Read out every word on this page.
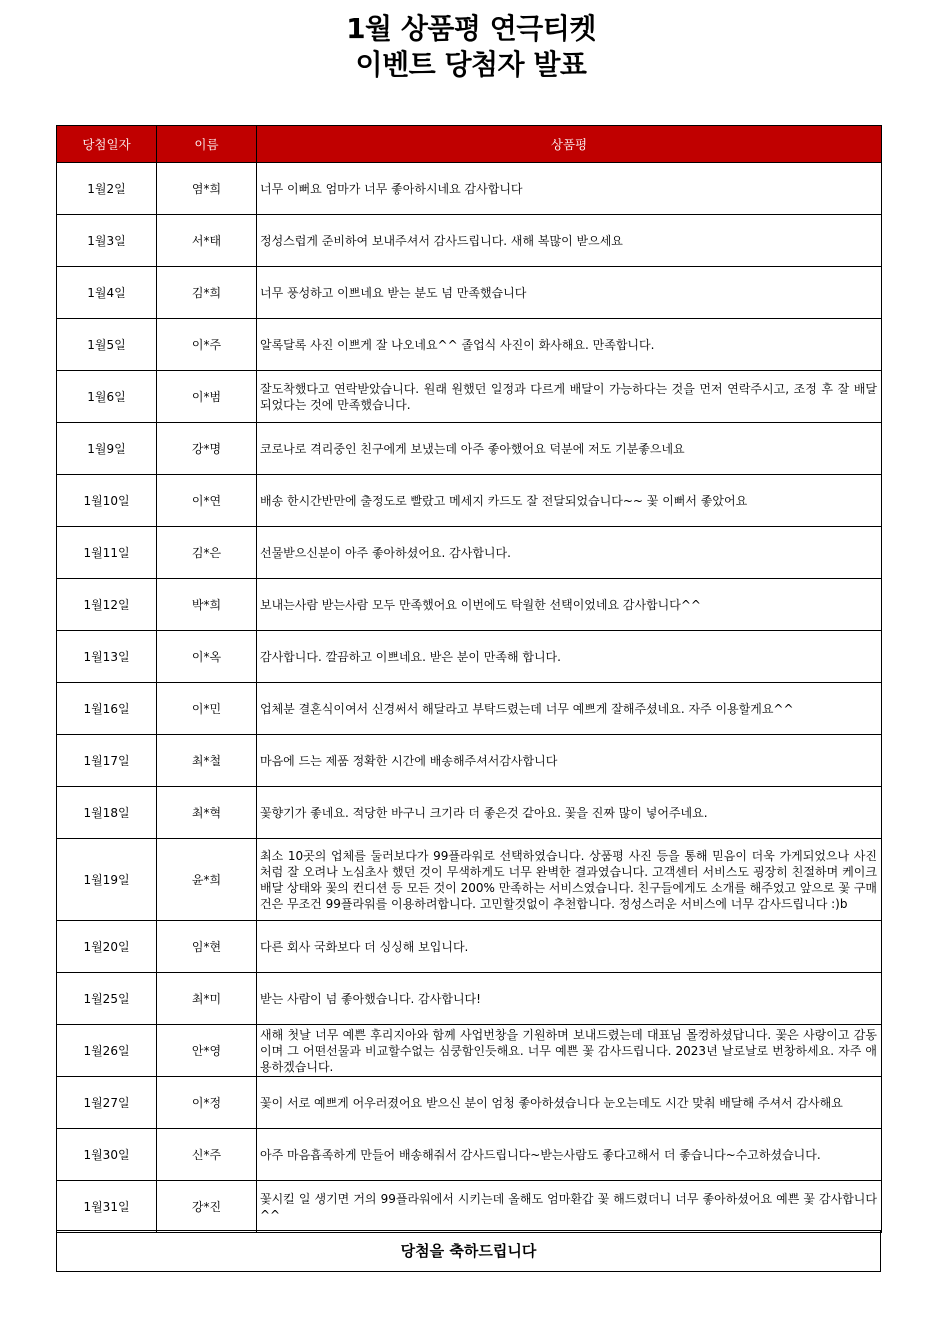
1월 상품평 연극티켓
이벤트 당첨자 발표
당첨일자	이름	상품평
1월2일	염*희	너무 이뻐요 엄마가 너무 좋아하시네요 감사합니다
1월3일	서*태	정성스럽게 준비하여 보내주셔서 감사드립니다. 새해 복많이 받으세요
1월4일	김*희	너무 풍성하고 이쁘네요 받는 분도 넘 만족했습니다
1월5일	이*주	알록달록 사진 이쁘게 잘 나오네요^^ 졸업식 사진이 화사해요. 만족합니다.
1월6일	이*범	잘도착했다고 연락받았습니다. 원래 원했던 일정과 다르게 배달이 가능하다는 것을 먼저 연락주시고, 조정 후 잘 배달되었다는 것에 만족했습니다.
1월9일	강*명	코로나로 격리중인 친구에게 보냈는데 아주 좋아했어요 덕분에 저도 기분좋으네요
1월10일	이*연	배송 한시간반만에 출정도로 빨랐고 메세지 카드도 잘 전달되었습니다~~ 꽃 이뻐서 좋았어요
1월11일	김*은	선물받으신분이 아주 좋아하셨어요. 감사합니다.
1월12일	박*희	보내는사람 받는사람 모두 만족했어요 이번에도 탁월한 선택이었네요 감사합니다^^
1월13일	이*옥	감사합니다. 깔끔하고 이쁘네요. 받은 분이 만족해 합니다.
1월16일	이*민	업체분 결혼식이여서 신경써서 해달라고 부탁드렸는데 너무 예쁘게 잘해주셨네요. 자주 이용할게요^^
1월17일	최*철	마음에 드는 제품 정확한 시간에 배송해주셔서감사합니다
1월18일	최*혁	꽃향기가 좋네요. 적당한 바구니 크기라 더 좋은것 같아요. 꽃을 진짜 많이 넣어주네요.
1월19일	윤*희	최소 10곳의 업체를 둘러보다가 99플라워로 선택하였습니다. 상품평 사진 등을 통해 믿음이 더욱 가게되었으나 사진처럼 잘 오려나 노심초사 했던 것이 무색하게도 너무 완벽한 결과였습니다. 고객센터 서비스도 굉장히 친절하며 케이크 배달 상태와 꽃의 컨디션 등 모든 것이 200% 만족하는 서비스였습니다. 친구들에게도 소개를 해주었고 앞으로 꽃 구매건은 무조건 99플라워를 이용하려합니다. 고민할것없이 추천합니다. 정성스러운 서비스에 너무 감사드립니다 :)b
1월20일	임*현	다른 회사 국화보다 더 싱싱해 보입니다.
1월25일	최*미	받는 사람이 넘 좋아했습니다. 감사합니다!
1월26일	안*영	새해 첫날 너무 예쁜 후리지아와 함께 사업번창을 기원하며 보내드렸는데 대표님 몰컹하셨답니다. 꽃은 사랑이고 감동이며 그 어떤선물과 비교할수없는 심쿵함인듯해요. 너무 예쁜 꽃 감사드립니다. 2023년 날로날로 번창하세요. 자주 애용하겠습니다.
1월27일	이*정	꽃이 서로 예쁘게 어우러졌어요 받으신 분이 엄청 좋아하셨습니다 눈오는데도 시간 맞춰 배달해 주셔서 감사해요
1월30일	신*주	아주 마음흡족하게 만들어 배송해줘서 감사드립니다~받는사람도 좋다고해서 더 좋습니다~수고하셨습니다.
1월31일	강*진	꽃시킬 일 생기면 거의 99플라워에서 시키는데 올해도 엄마환갑 꽃 해드렸더니 너무 좋아하셨어요 예쁜 꽃 감사합니다^^
당첨을 축하드립니다
